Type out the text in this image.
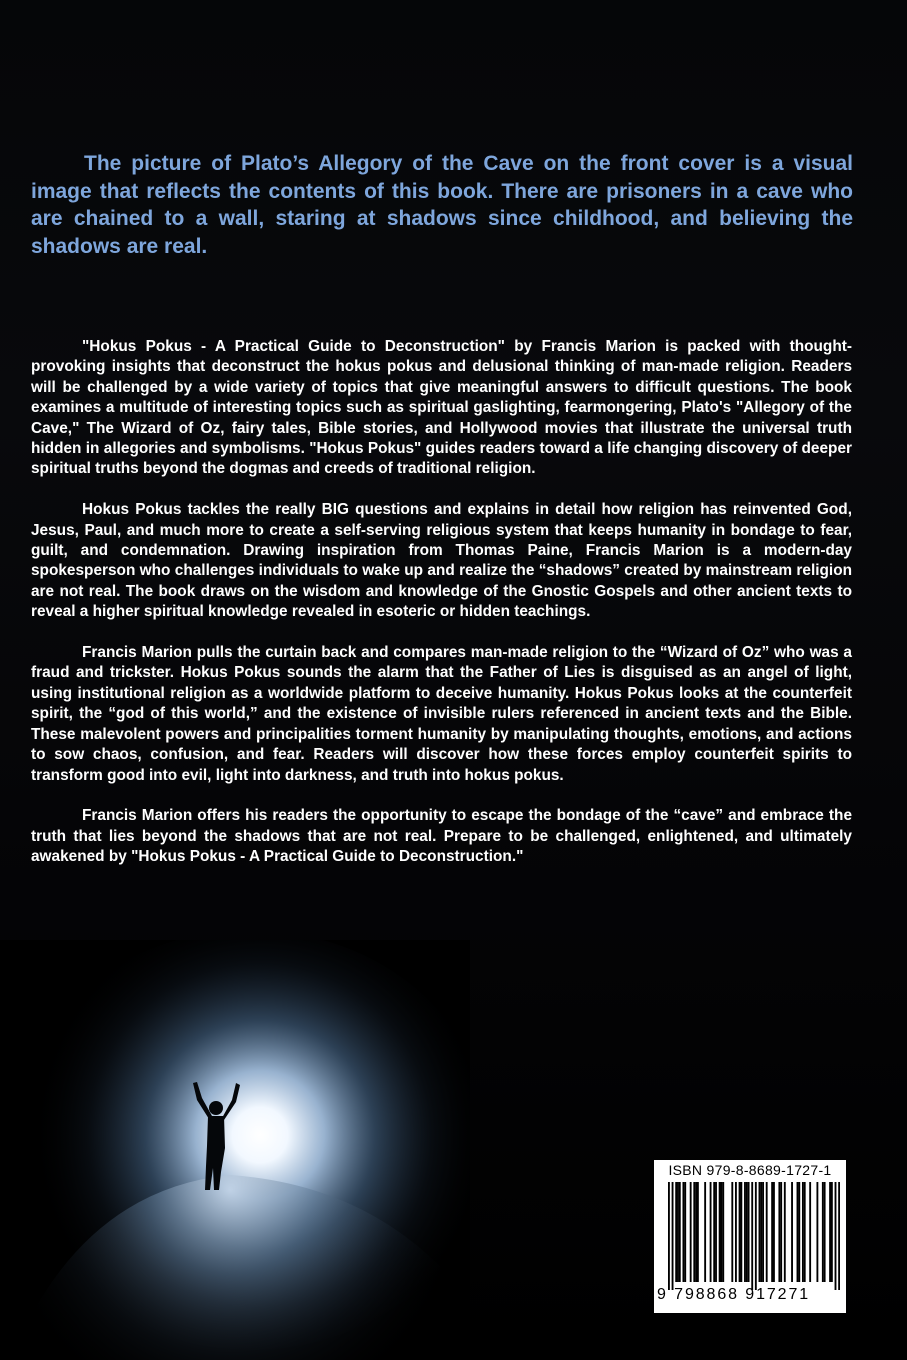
The picture of Plato’s Allegory of the Cave on the front cover is a visual image that reflects the contents of this book. There are prisoners in a cave who are chained to a wall, staring at shadows since childhood, and believing the shadows are real.

"Hokus Pokus - A Practical Guide to Deconstruction" by Francis Marion is packed with thought-provoking insights that deconstruct the hokus pokus and delusional thinking of man-made religion. Readers will be challenged by a wide variety of topics that give meaningful answers to difficult questions. The book examines a multitude of interesting topics such as spiritual gaslighting, fearmongering, Plato's "Allegory of the Cave," The Wizard of Oz, fairy tales, Bible stories, and Hollywood movies that illustrate the universal truth hidden in allegories and symbolisms. "Hokus Pokus" guides readers toward a life changing discovery of deeper spiritual truths beyond the dogmas and creeds of traditional religion.

Hokus Pokus tackles the really BIG questions and explains in detail how religion has reinvented God, Jesus, Paul, and much more to create a self-serving religious system that keeps humanity in bondage to fear, guilt, and condemnation. Drawing inspiration from Thomas Paine, Francis Marion is a modern-day spokesperson who challenges individuals to wake up and realize the “shadows” created by mainstream religion are not real. The book draws on the wisdom and knowledge of the Gnostic Gospels and other ancient texts to reveal a higher spiritual knowledge revealed in esoteric or hidden teachings.

Francis Marion pulls the curtain back and compares man-made religion to the “Wizard of Oz” who was a fraud and trickster. Hokus Pokus sounds the alarm that the Father of Lies is disguised as an angel of light, using institutional religion as a worldwide platform to deceive humanity. Hokus Pokus looks at the counterfeit spirit, the “god of this world,” and the existence of invisible rulers referenced in ancient texts and the Bible. These malevolent powers and principalities torment humanity by manipulating thoughts, emotions, and actions to sow chaos, confusion, and fear. Readers will discover how these forces employ counterfeit spirits to transform good into evil, light into darkness, and truth into hokus pokus.

Francis Marion offers his readers the opportunity to escape the bondage of the “cave” and embrace the truth that lies beyond the shadows that are not real. Prepare to be challenged, enlightened, and ultimately awakened by "Hokus Pokus - A Practical Guide to Deconstruction."

ISBN 979-8-8689-1727-1
9 798868 917271
